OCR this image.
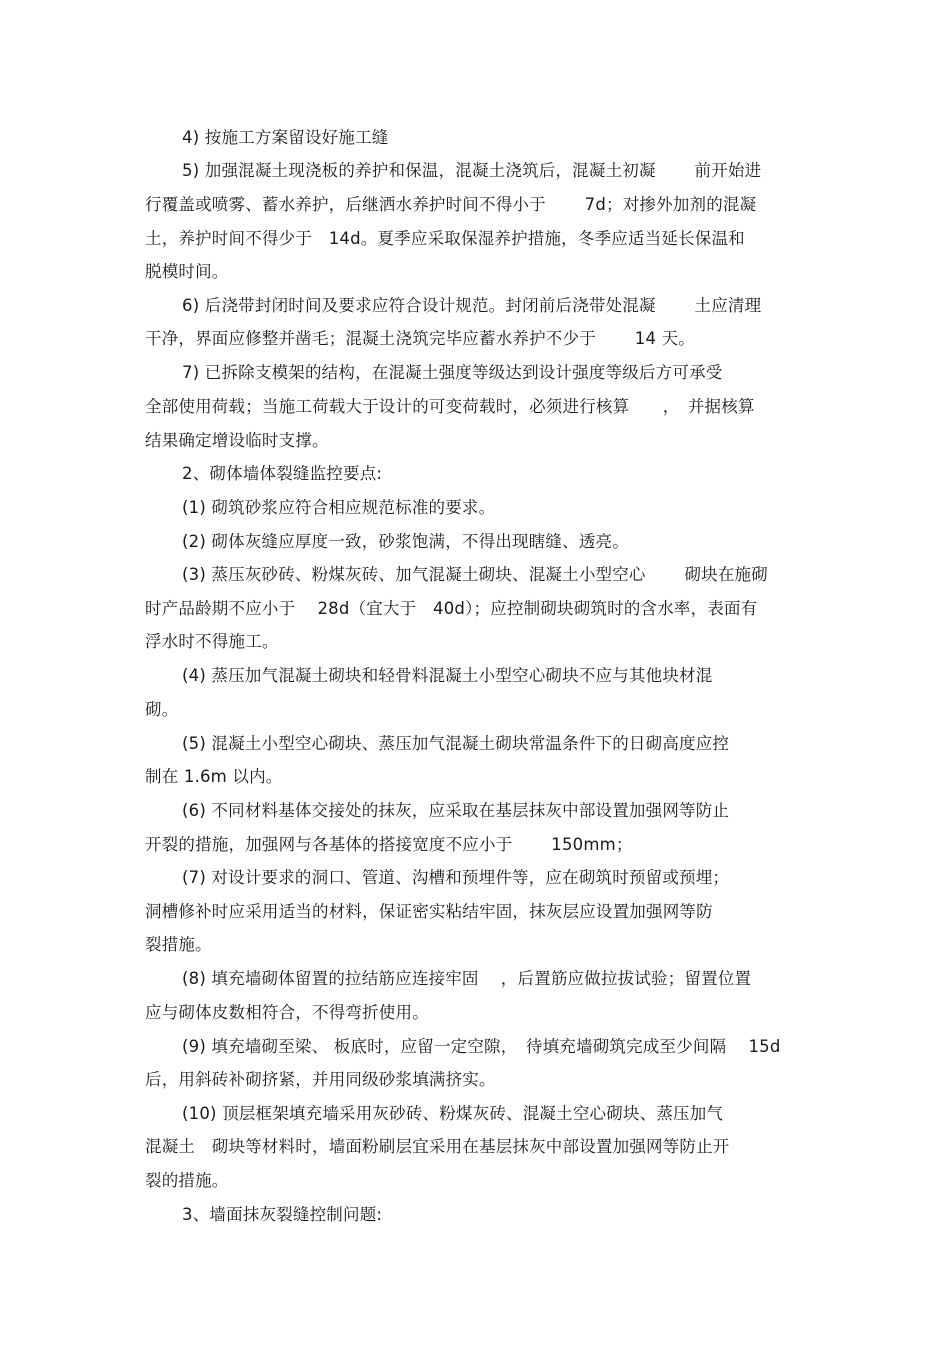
4) 按施工方案留设好施工缝
5) 加强混凝土现浇板的养护和保温，混凝土浇筑后，混凝土初凝　　 前开始进
行覆盖或喷雾、蓄水养护，后继洒水养护时间不得小于　　 7d；对掺外加剂的混凝
土，养护时间不得少于　14d。夏季应采取保湿养护措施，冬季应适当延长保温和
脱模时间。
6) 后浇带封闭时间及要求应符合设计规范。封闭前后浇带处混凝　　 土应清理
干净，界面应修整并凿毛；混凝土浇筑完毕应蓄水养护不少于　　 14 天。
7) 已拆除支模架的结构，在混凝土强度等级达到设计强度等级后方可承受
全部使用荷载；当施工荷载大于设计的可变荷载时，必须进行核算　　，　并据核算
结果确定增设临时支撑。
2、砌体墙体裂缝监控要点:
(1) 砌筑砂浆应符合相应规范标准的要求。
(2) 砌体灰缝应厚度一致，砂浆饱满，不得出现瞎缝、透亮。
(3) 蒸压灰砂砖、粉煤灰砖、加气混凝土砌块、混凝土小型空心　　 砌块在施砌
时产品龄期不应小于　 28d（宜大于　40d）；应控制砌块砌筑时的含水率，表面有
浮水时不得施工。
(4) 蒸压加气混凝土砌块和轻骨料混凝土小型空心砌块不应与其他块材混
砌。
(5) 混凝土小型空心砌块、蒸压加气混凝土砌块常温条件下的日砌高度应控
制在 1.6m 以内。
(6) 不同材料基体交接处的抹灰，应采取在基层抹灰中部设置加强网等防止
开裂的措施，加强网与各基体的搭接宽度不应小于　　 150mm；
(7) 对设计要求的洞口、管道、沟槽和预埋件等，应在砌筑时预留或预埋；
洞槽修补时应采用适当的材料，保证密实粘结牢固，抹灰层应设置加强网等防
裂措施。
(8) 填充墙砌体留置的拉结筋应连接牢固　 ，后置筋应做拉拔试验；留置位置
应与砌体皮数相符合，不得弯折使用。
(9) 填充墙砌至梁、 板底时，应留一定空隙，　待填充墙砌筑完成至少间隔　 15d
后，用斜砖补砌挤紧，并用同级砂浆填满挤实。
(10) 顶层框架填充墙采用灰砂砖、粉煤灰砖、混凝土空心砌块、蒸压加气
混凝土　砌块等材料时，墙面粉刷层宜采用在基层抹灰中部设置加强网等防止开
裂的措施。
3、墙面抹灰裂缝控制问题:
